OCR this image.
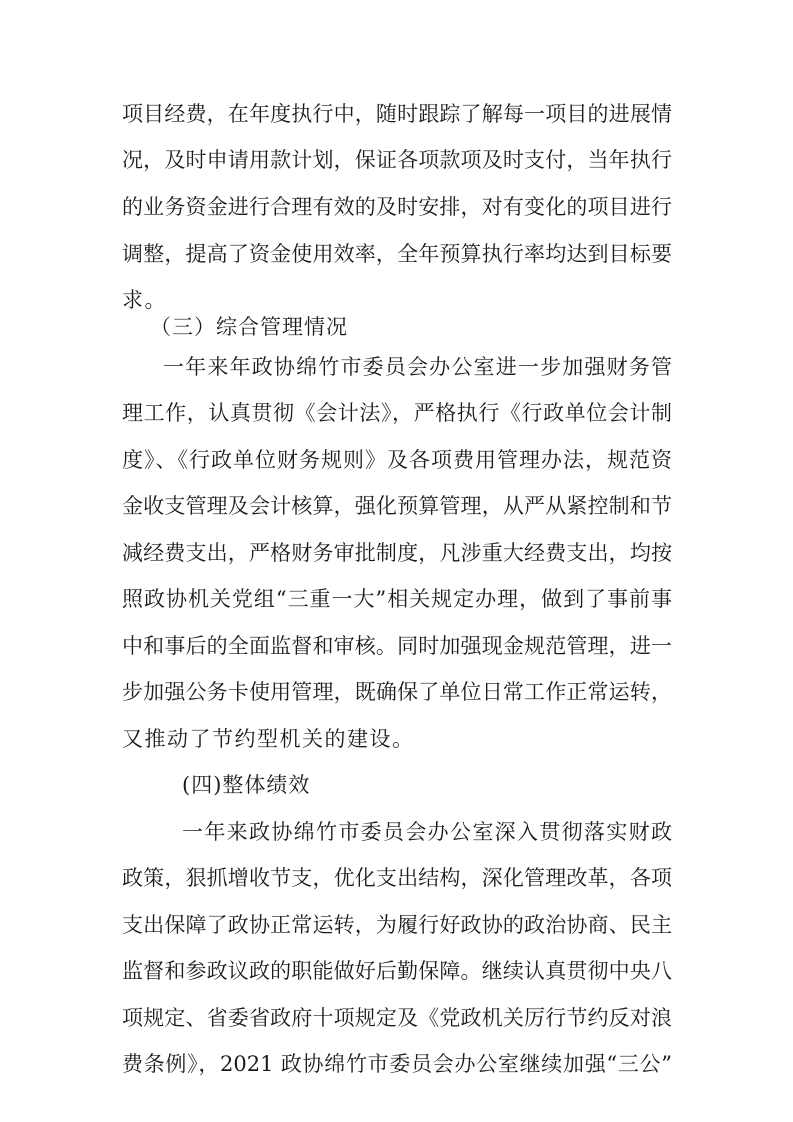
项目经费，在年度执行中，随时跟踪了解每一项目的进展情
况，及时申请用款计划，保证各项款项及时支付，当年执行
的业务资金进行合理有效的及时安排，对有变化的项目进行
调整，提高了资金使用效率，全年预算执行率均达到目标要
求。
（三）综合管理情况
一年来年政协绵竹市委员会办公室进一步加强财务管
理工作，认真贯彻《会计法》，严格执行《行政单位会计制
度》、《行政单位财务规则》及各项费用管理办法，规范资
金收支管理及会计核算，强化预算管理，从严从紧控制和节
减经费支出，严格财务审批制度，凡涉重大经费支出，均按
照政协机关党组“三重一大”相关规定办理，做到了事前事
中和事后的全面监督和审核。同时加强现金规范管理，进一
步加强公务卡使用管理，既确保了单位日常工作正常运转，
又推动了节约型机关的建设。
(四)整体绩效
一年来政协绵竹市委员会办公室深入贯彻落实财政
政策，狠抓增收节支，优化支出结构，深化管理改革，各项
支出保障了政协正常运转，为履行好政协的政治协商、民主
监督和参政议政的职能做好后勤保障。继续认真贯彻中央八
项规定、省委省政府十项规定及《党政机关厉行节约反对浪
费条例》，2021 政协绵竹市委员会办公室继续加强“三公”
